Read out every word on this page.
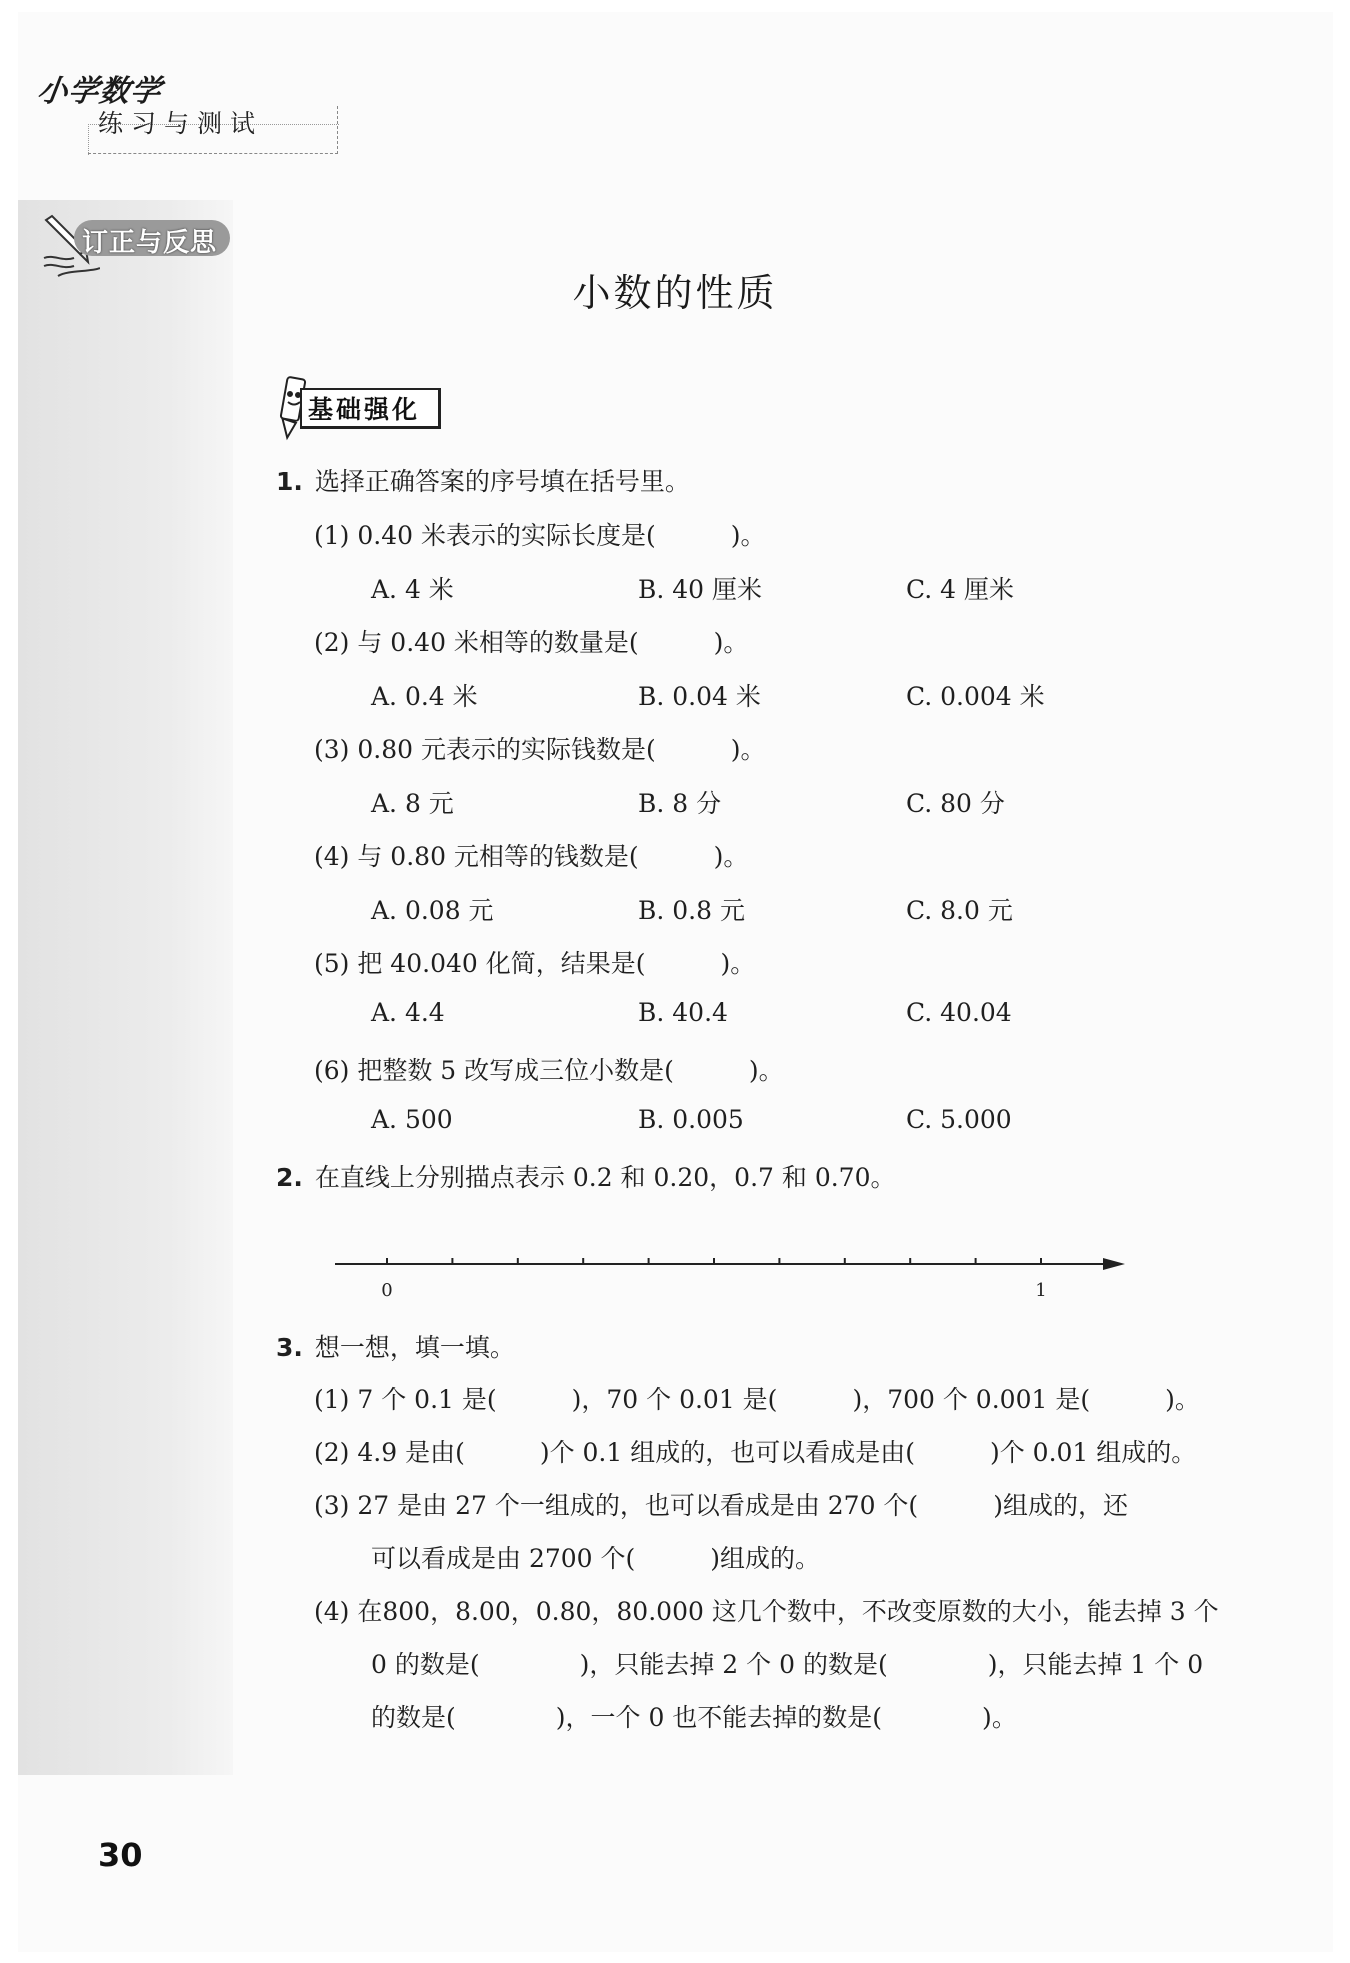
小学数学
练习与测试
订正与反思
小数的性质
基础强化
1. 选择正确答案的序号填在括号里。
(1) 0.40 米表示的实际长度是(　　　)。
A. 4 米	B. 40 厘米	C. 4 厘米
(2) 与 0.40 米相等的数量是(　　　)。
A. 0.4 米	B. 0.04 米	C. 0.004 米
(3) 0.80 元表示的实际钱数是(　　　)。
A. 8 元	B. 8 分	C. 80 分
(4) 与 0.80 元相等的钱数是(　　　)。
A. 0.08 元	B. 0.8 元	C. 8.0 元
(5) 把 40.040 化简，结果是(　　　)。
A. 4.4	B. 40.4	C. 40.04
(6) 把整数 5 改写成三位小数是(　　　)。
A. 500	B. 0.005	C. 5.000
2. 在直线上分别描点表示 0.2 和 0.20，0.7 和 0.70。
0	1
3. 想一想，填一填。
(1) 7 个 0.1 是(　　　)，70 个 0.01 是(　　　)，700 个 0.001 是(　　　)。
(2) 4.9 是由(　　　)个 0.1 组成的，也可以看成是由(　　　)个 0.01 组成的。
(3) 27 是由 27 个一组成的，也可以看成是由 270 个(　　　)组成的，还
可以看成是由 2700 个(　　　)组成的。
(4) 在800，8.00，0.80，80.000 这几个数中，不改变原数的大小，能去掉 3 个
0 的数是(　　　　)，只能去掉 2 个 0 的数是(　　　　)，只能去掉 1 个 0
的数是(　　　　)，一个 0 也不能去掉的数是(　　　　)。
30
